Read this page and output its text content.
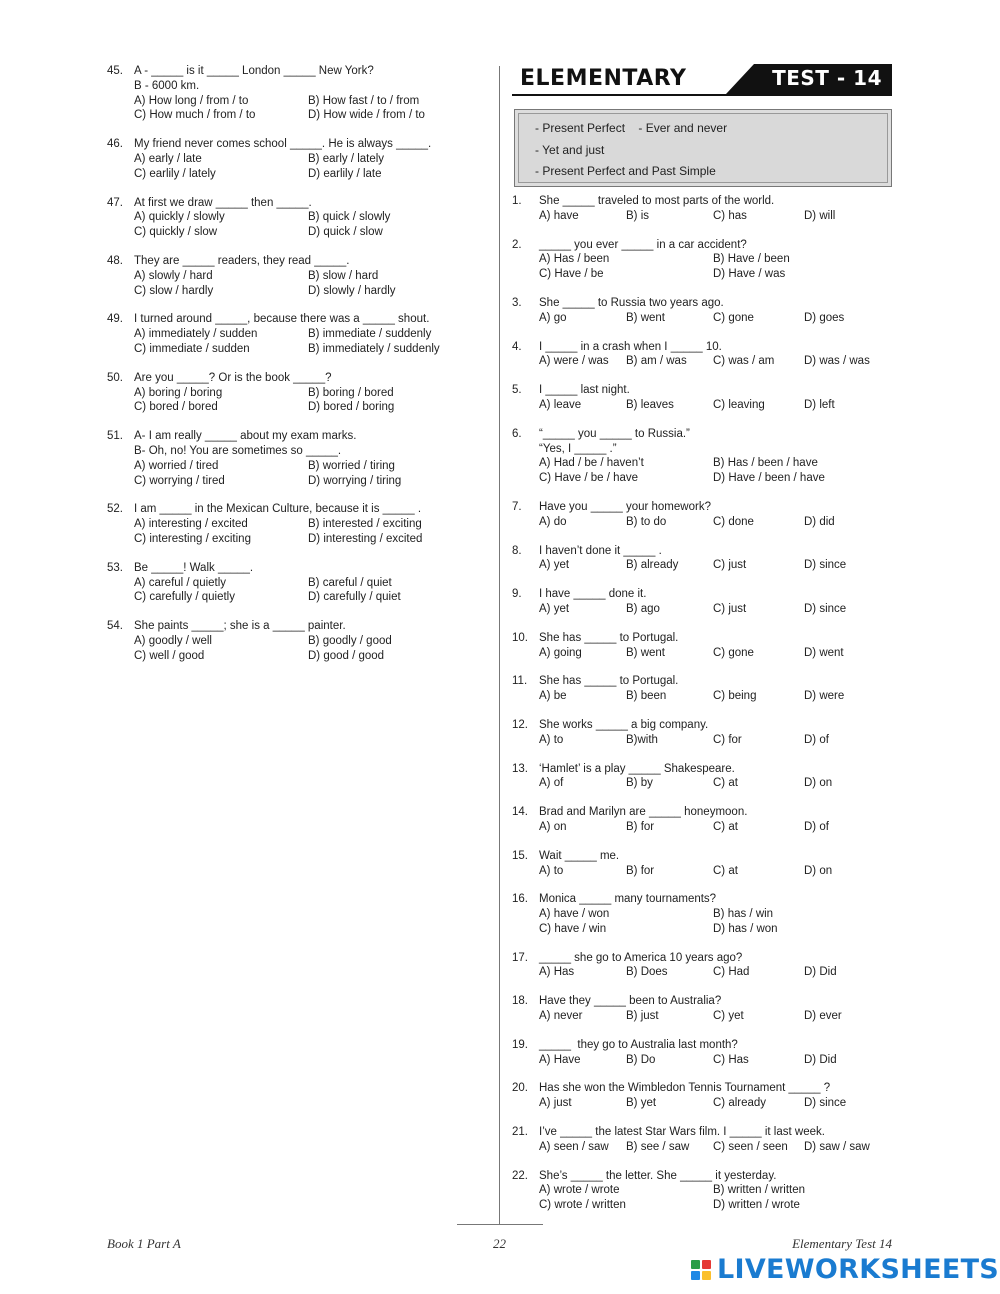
ELEMENTARY	TEST - 14
- Present Perfect    - Ever and never
- Yet and just
- Present Perfect and Past Simple
45. A - _____ is it _____ London _____ New York?
B - 6000 km.
A) How long / from / to	B) How fast / to / from
C) How much / from / to	D) How wide / from / to
46. My friend never comes school _____. He is always _____.
A) early / late	B) early / lately
C) earlily / lately	D) earlily / late
47. At first we draw _____ then _____.
A) quickly / slowly	B) quick / slowly
C) quickly / slow	D) quick / slow
48. They are _____ readers, they read _____.
A) slowly / hard	B) slow / hard
C) slow / hardly	D) slowly / hardly
49. I turned around _____, because there was a _____ shout.
A) immediately / sudden	B) immediate / suddenly
C) immediate / sudden	B) immediately / suddenly
50. Are you _____? Or is the book _____?
A) boring / boring	B) boring / bored
C) bored / bored	D) bored / boring
51. A- I am really _____ about my exam marks.
B- Oh, no! You are sometimes so _____.
A) worried / tired	B) worried / tiring
C) worrying / tired	D) worrying / tiring
52. I am _____ in the Mexican Culture, because it is _____ .
A) interesting / excited	B) interested / exciting
C) interesting / exciting	D) interesting / excited
53. Be _____! Walk _____.
A) careful / quietly	B) careful / quiet
C) carefully / quietly	D) carefully / quiet
54. She paints _____; she is a _____ painter.
A) goodly / well	B) goodly / good
C) well / good	D) good / good
1.	She _____ traveled to most parts of the world.
A) have	B) is	C) has	D) will
2.	_____ you ever _____ in a car accident?
A) Has / been	B) Have / been
C) Have / be	D) Have / was
3.	She _____ to Russia two years ago.
A) go	B) went	C) gone	D) goes
4.	I _____ in a crash when I _____ 10.
A) were / was	B) am / was	C) was / am	D) was / was
5.	I _____ last night.
A) leave	B) leaves	C) leaving	D) left
6.	“_____ you _____ to Russia.”
“Yes, I _____ .”
A) Had / be / haven’t	B) Has / been / have
C) Have / be / have	D) Have / been / have
7.	Have you _____ your homework?
A) do	B) to do	C) done	D) did
8.	I haven’t done it _____ .
A) yet	B) already	C) just	D) since
9.	I have _____ done it.
A) yet	B) ago	C) just	D) since
10. She has _____ to Portugal.
A) going	B) went	C) gone	D) went
11.	She has _____ to Portugal.
A) be	B) been	C) being	D) were
12. She works _____ a big company.
A) to	B)with	C) for	D) of
13. ‘Hamlet’ is a play _____ Shakespeare.
A) of	B) by	C) at	D) on
14. Brad and Marilyn are _____ honeymoon.
A) on	B) for	C) at	D) of
15. Wait _____ me.
A) to	B) for	C) at	D) on
16. Monica _____ many tournaments?
A) have / won	B) has / win
C) have / win	D) has / won
17. _____ she go to America 10 years ago?
A) Has	B) Does	C) Had	D) Did
18. Have they _____ been to Australia?
A) never	B) just	C) yet	D) ever
19. _____  they go to Australia last month?
A) Have	B) Do	C) Has	D) Did
20. Has she won the Wimbledon Tennis Tournament _____ ?
A) just	B) yet	C) already	D) since
21. I’ve _____ the latest Star Wars film. I _____ it last week.
A) seen / saw	B) see / saw	C) seen / seen	D) saw / saw
22. She’s _____ the letter. She _____ it yesterday.
A) wrote / wrote	B) written / written
C) wrote / written	D) written / wrote
Book 1 Part A	22	Elementary Test 14
LIVEWORKSHEETS
